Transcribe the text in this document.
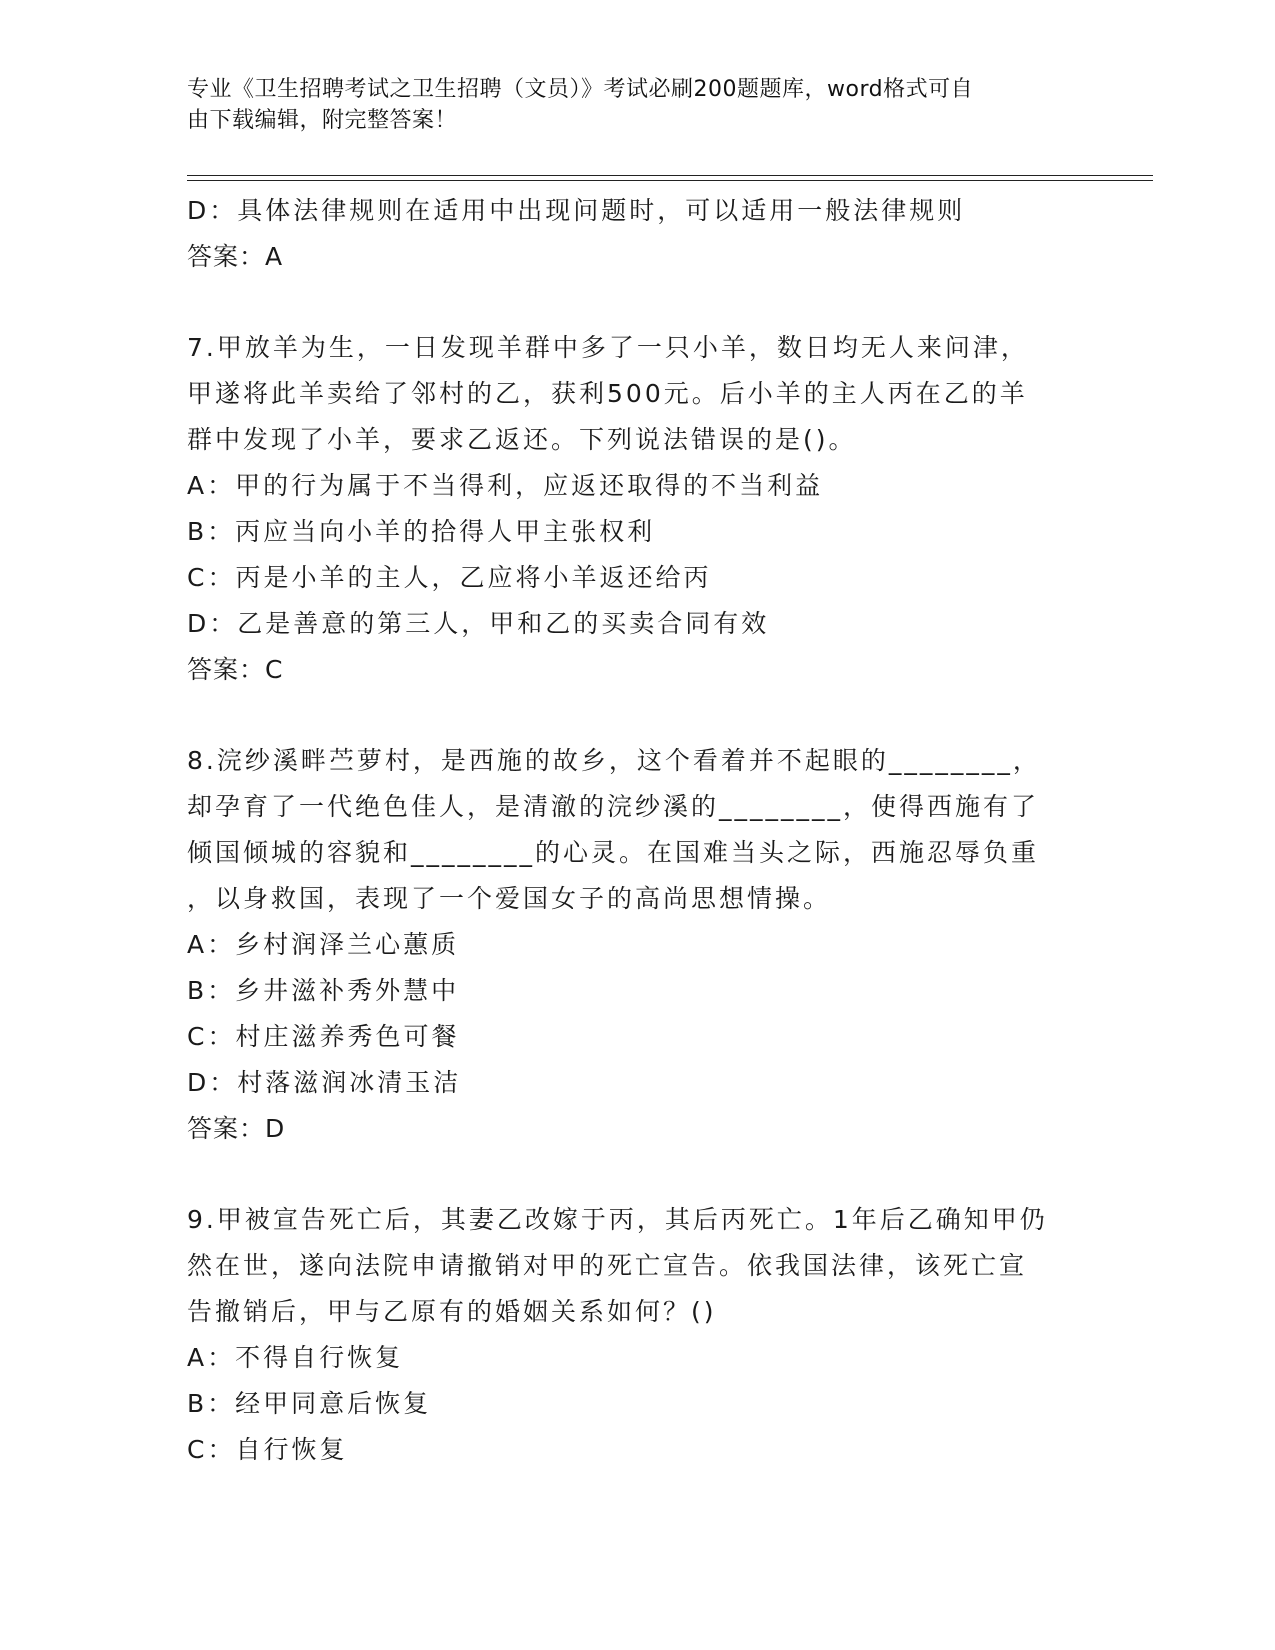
专业《卫生招聘考试之卫生招聘（文员）》考试必刷200题题库，word格式可自
由下载编辑，附完整答案！
D：具体法律规则在适用中出现问题时，可以适用一般法律规则
答案：A
7.甲放羊为生，一日发现羊群中多了一只小羊，数日均无人来问津，
甲遂将此羊卖给了邻村的乙，获利500元。后小羊的主人丙在乙的羊
群中发现了小羊，要求乙返还。下列说法错误的是()。
A：甲的行为属于不当得利，应返还取得的不当利益
B：丙应当向小羊的拾得人甲主张权利
C：丙是小羊的主人，乙应将小羊返还给丙
D：乙是善意的第三人，甲和乙的买卖合同有效
答案：C
8.浣纱溪畔苎萝村，是西施的故乡，这个看着并不起眼的________，
却孕育了一代绝色佳人，是清澈的浣纱溪的________，使得西施有了
倾国倾城的容貌和________的心灵。在国难当头之际，西施忍辱负重
，以身救国，表现了一个爱国女子的高尚思想情操。
A：乡村润泽兰心蕙质
B：乡井滋补秀外慧中
C：村庄滋养秀色可餐
D：村落滋润冰清玉洁
答案：D
9.甲被宣告死亡后，其妻乙改嫁于丙，其后丙死亡。1年后乙确知甲仍
然在世，遂向法院申请撤销对甲的死亡宣告。依我国法律，该死亡宣
告撤销后，甲与乙原有的婚姻关系如何？()
A：不得自行恢复
B：经甲同意后恢复
C：自行恢复
